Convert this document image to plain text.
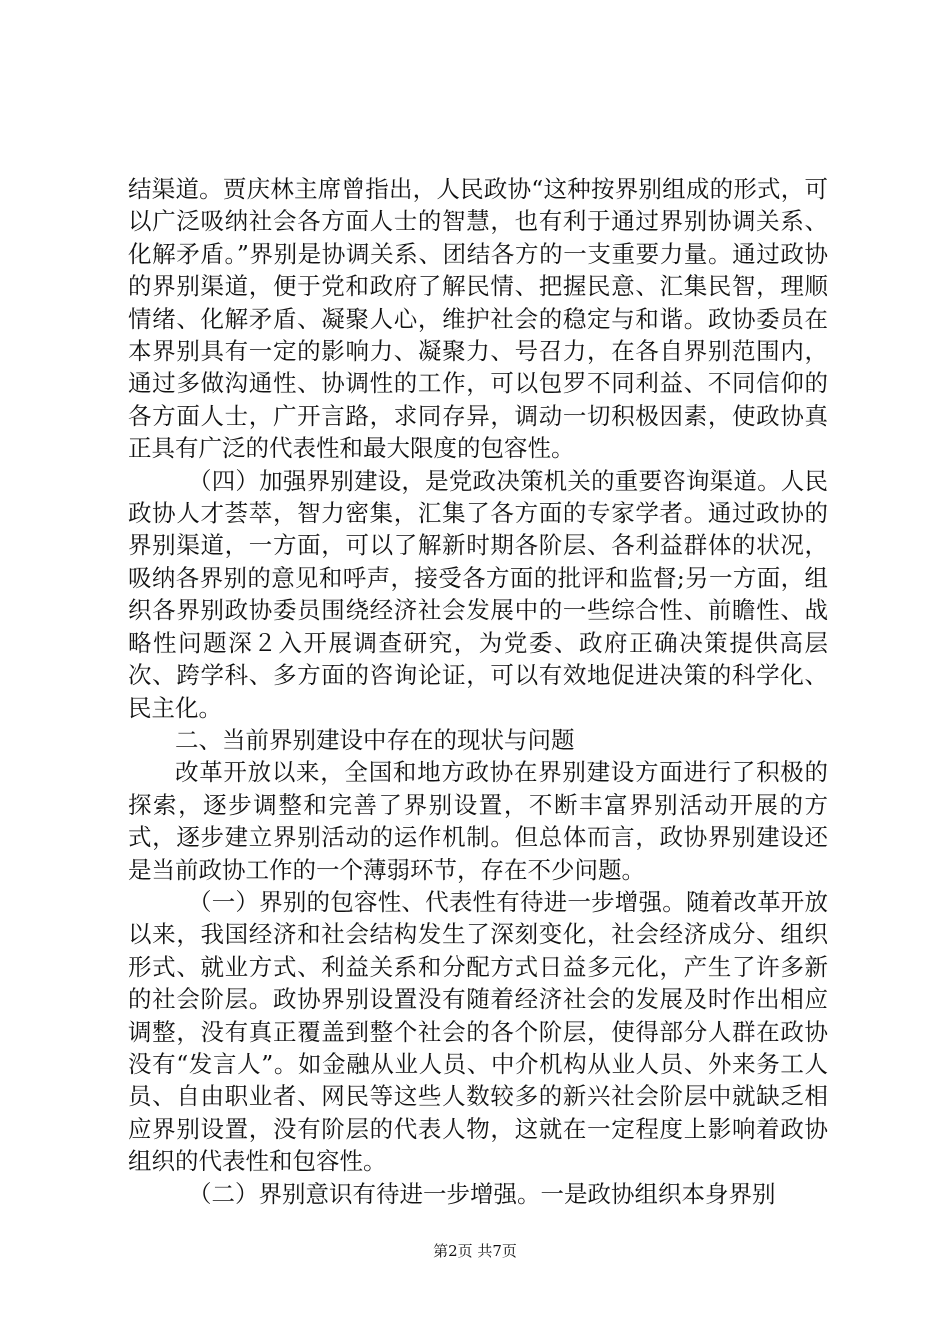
结渠道。贾庆林主席曾指出，人民政协“这种按界别组成的形式，可以广泛吸纳社会各方面人士的智慧，也有利于通过界别协调关系、化解矛盾。”界别是协调关系、团结各方的一支重要力量。通过政协的界别渠道，便于党和政府了解民情、把握民意、汇集民智，理顺情绪、化解矛盾、凝聚人心，维护社会的稳定与和谐。政协委员在本界别具有一定的影响力、凝聚力、号召力，在各自界别范围内，通过多做沟通性、协调性的工作，可以包罗不同利益、不同信仰的各方面人士，广开言路，求同存异，调动一切积极因素，使政协真正具有广泛的代表性和最大限度的包容性。

（四）加强界别建设，是党政决策机关的重要咨询渠道。人民政协人才荟萃，智力密集，汇集了各方面的专家学者。通过政协的界别渠道，一方面，可以了解新时期各阶层、各利益群体的状况，吸纳各界别的意见和呼声，接受各方面的批评和监督;另一方面，组织各界别政协委员围绕经济社会发展中的一些综合性、前瞻性、战略性问题深２入开展调查研究，为党委、政府正确决策提供高层次、跨学科、多方面的咨询论证，可以有效地促进决策的科学化、民主化。

二、当前界别建设中存在的现状与问题

改革开放以来，全国和地方政协在界别建设方面进行了积极的探索，逐步调整和完善了界别设置，不断丰富界别活动开展的方式，逐步建立界别活动的运作机制。但总体而言，政协界别建设还是当前政协工作的一个薄弱环节，存在不少问题。

（一）界别的包容性、代表性有待进一步增强。随着改革开放以来，我国经济和社会结构发生了深刻变化，社会经济成分、组织形式、就业方式、利益关系和分配方式日益多元化，产生了许多新的社会阶层。政协界别设置没有随着经济社会的发展及时作出相应调整，没有真正覆盖到整个社会的各个阶层，使得部分人群在政协没有“发言人”。如金融从业人员、中介机构从业人员、外来务工人员、自由职业者、网民等这些人数较多的新兴社会阶层中就缺乏相应界别设置，没有阶层的代表人物，这就在一定程度上影响着政协组织的代表性和包容性。

（二）界别意识有待进一步增强。一是政协组织本身界别

第2页 共7页
